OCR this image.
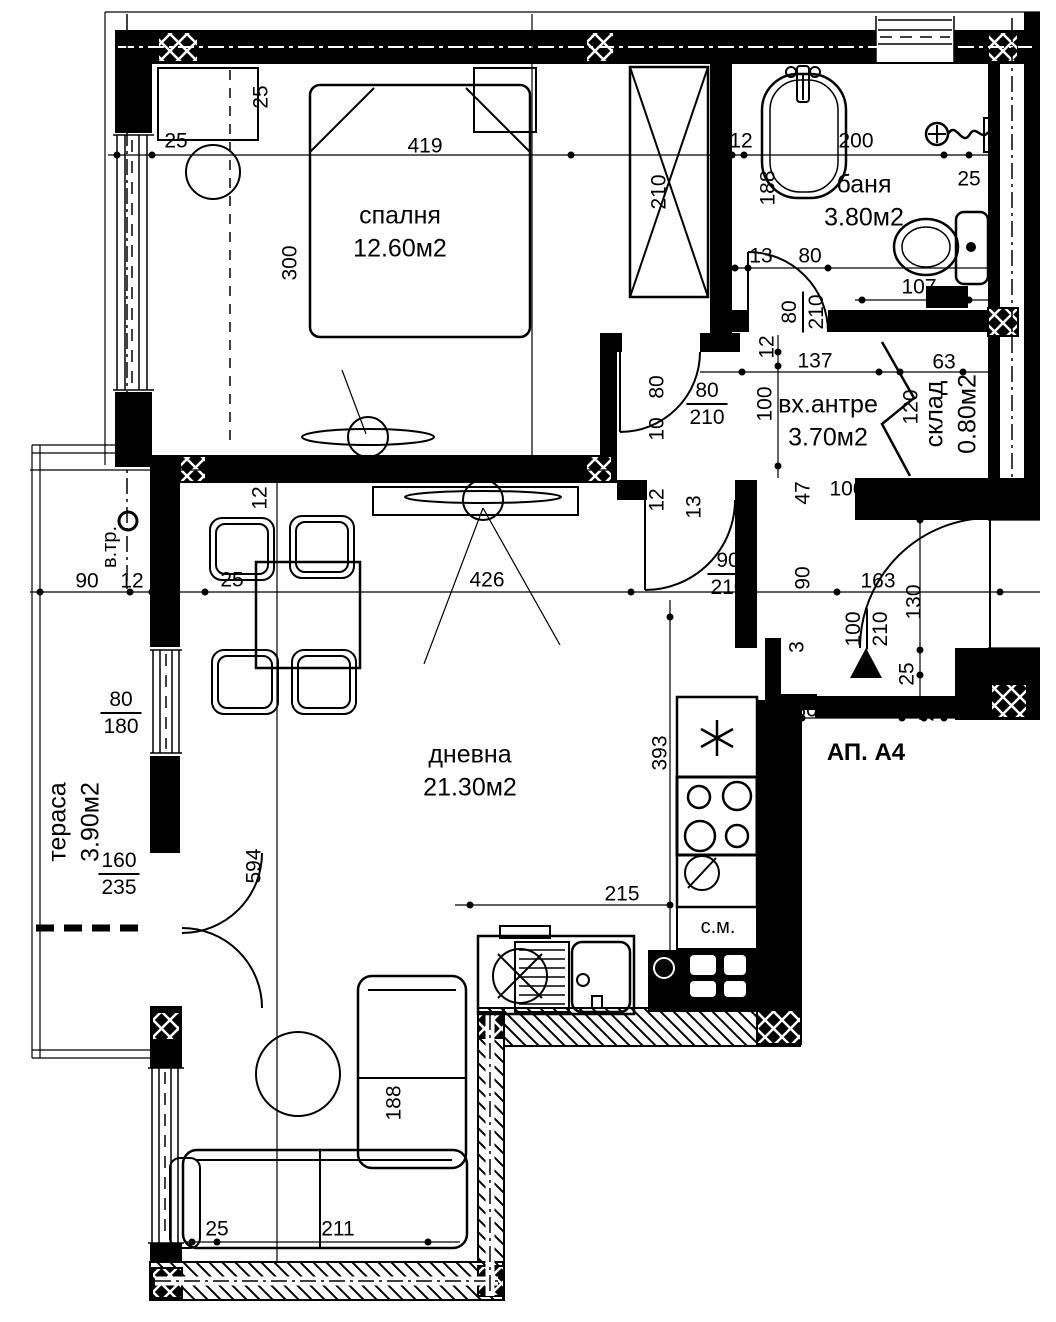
спалня
12.60м2
баня
3.80м2
вх.антре
3.70м2	склад 0.80м2
дневна
21.30м2
тераса 3.90м2
АП. А4
в.тр.
с.м.
25	419
25
300
210
12	200
188	25
13 80
107
80 210
12
137	63
80
10
$\frac{80}{210} 100$	120
12 13
47 100
$\frac{90}{210} 90$
12
163
130
100 210
3
25
30	100 22 20
12
25	426
90 12
$\frac{80}{180}$
$\frac{160}{235}$	594
393
215
188
25	211
